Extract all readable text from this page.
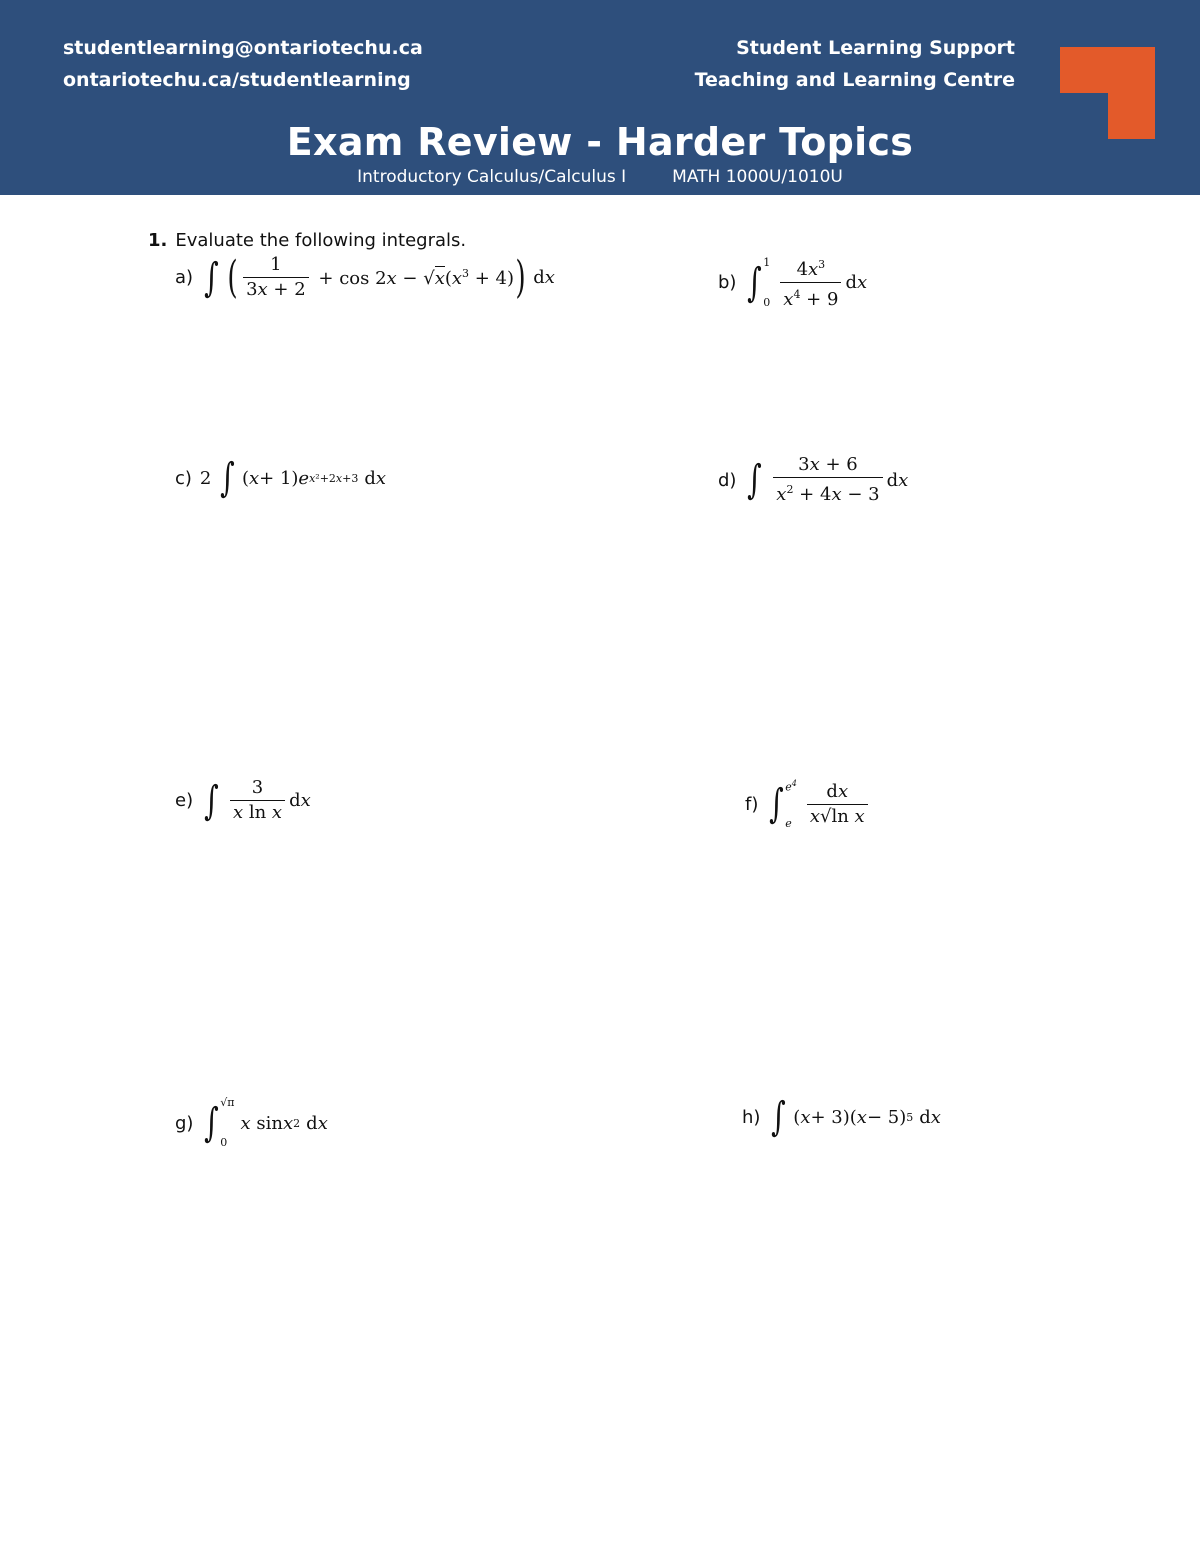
studentlearning@ontariotechu.ca
ontariotechu.ca/studentlearning
Student Learning Support
Teaching and Learning Centre
Exam Review - Harder Topics
Introductory Calculus/Calculus I	MATH 1000U/1010U
1. Evaluate the following integrals.
a) ∫ ( $\frac{1}{3x + 2} + \cos 2x - √x(x^3 + 4)$ ) d x	b) ∫ 1
$0 \frac{4x^3}{x^4 + 9}$ d x
c) 2 ∫ ( x + 1) e x²+2x+3 d x	d) ∫ $\frac{3x + 6}{x^2 + 4x - 3}$ d x
e) ∫ $\frac{3}{\text{x ln x}}$ d x	f) ∫ $e^4$
e $\frac{dx}{\text{x√ln x}}$
g) ∫ √π
0
x sin x 2 d x	h) ∫ ( x + 3)( x − 5) 5 d x
